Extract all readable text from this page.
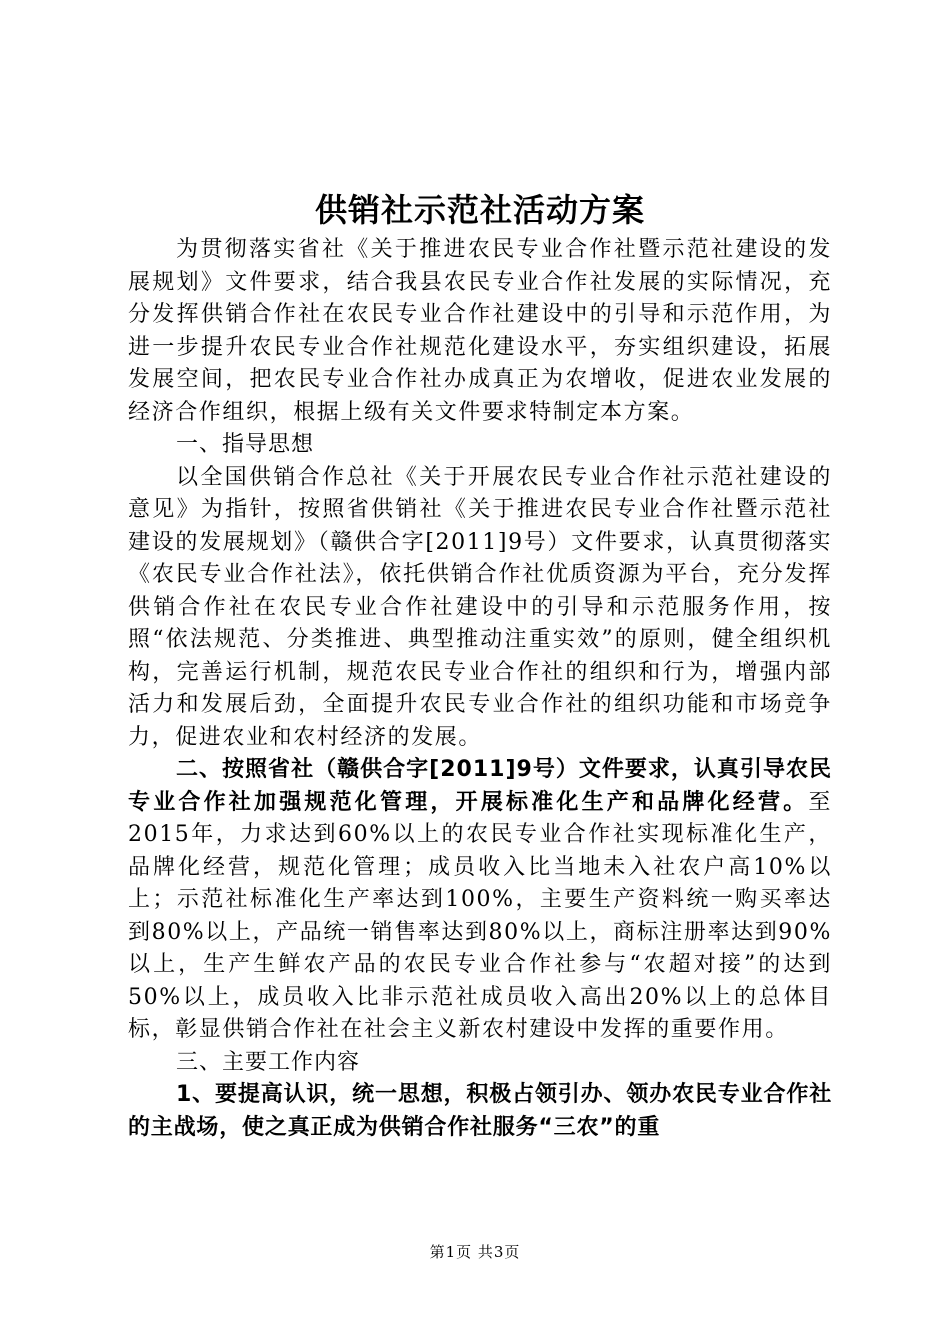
供销社示范社活动方案

为贯彻落实省社《关于推进农民专业合作社暨示范社建设的发展规划》文件要求，结合我县农民专业合作社发展的实际情况，充分发挥供销合作社在农民专业合作社建设中的引导和示范作用，为进一步提升农民专业合作社规范化建设水平，夯实组织建设，拓展发展空间，把农民专业合作社办成真正为农增收，促进农业发展的经济合作组织，根据上级有关文件要求特制定本方案。

一、指导思想

以全国供销合作总社《关于开展农民专业合作社示范社建设的意见》为指针，按照省供销社《关于推进农民专业合作社暨示范社建设的发展规划》（赣供合字[2011]9号）文件要求，认真贯彻落实《农民专业合作社法》，依托供销合作社优质资源为平台，充分发挥供销合作社在农民专业合作社建设中的引导和示范服务作用，按照“依法规范、分类推进、典型推动注重实效”的原则，健全组织机构，完善运行机制，规范农民专业合作社的组织和行为，增强内部活力和发展后劲，全面提升农民专业合作社的组织功能和市场竞争力，促进农业和农村经济的发展。

二、按照省社（赣供合字[2011]9号）文件要求，认真引导农民专业合作社加强规范化管理，开展标准化生产和品牌化经营。至2015年，力求达到60%以上的农民专业合作社实现标准化生产，品牌化经营，规范化管理；成员收入比当地未入社农户高10%以上；示范社标准化生产率达到100%，主要生产资料统一购买率达到80%以上，产品统一销售率达到80%以上，商标注册率达到90%以上，生产生鲜农产品的农民专业合作社参与“农超对接”的达到50%以上，成员收入比非示范社成员收入高出20%以上的总体目标，彰显供销合作社在社会主义新农村建设中发挥的重要作用。

三、主要工作内容

1、要提高认识，统一思想，积极占领引办、领办农民专业合作社的主战场，使之真正成为供销合作社服务“三农”的重

第1页 共3页
